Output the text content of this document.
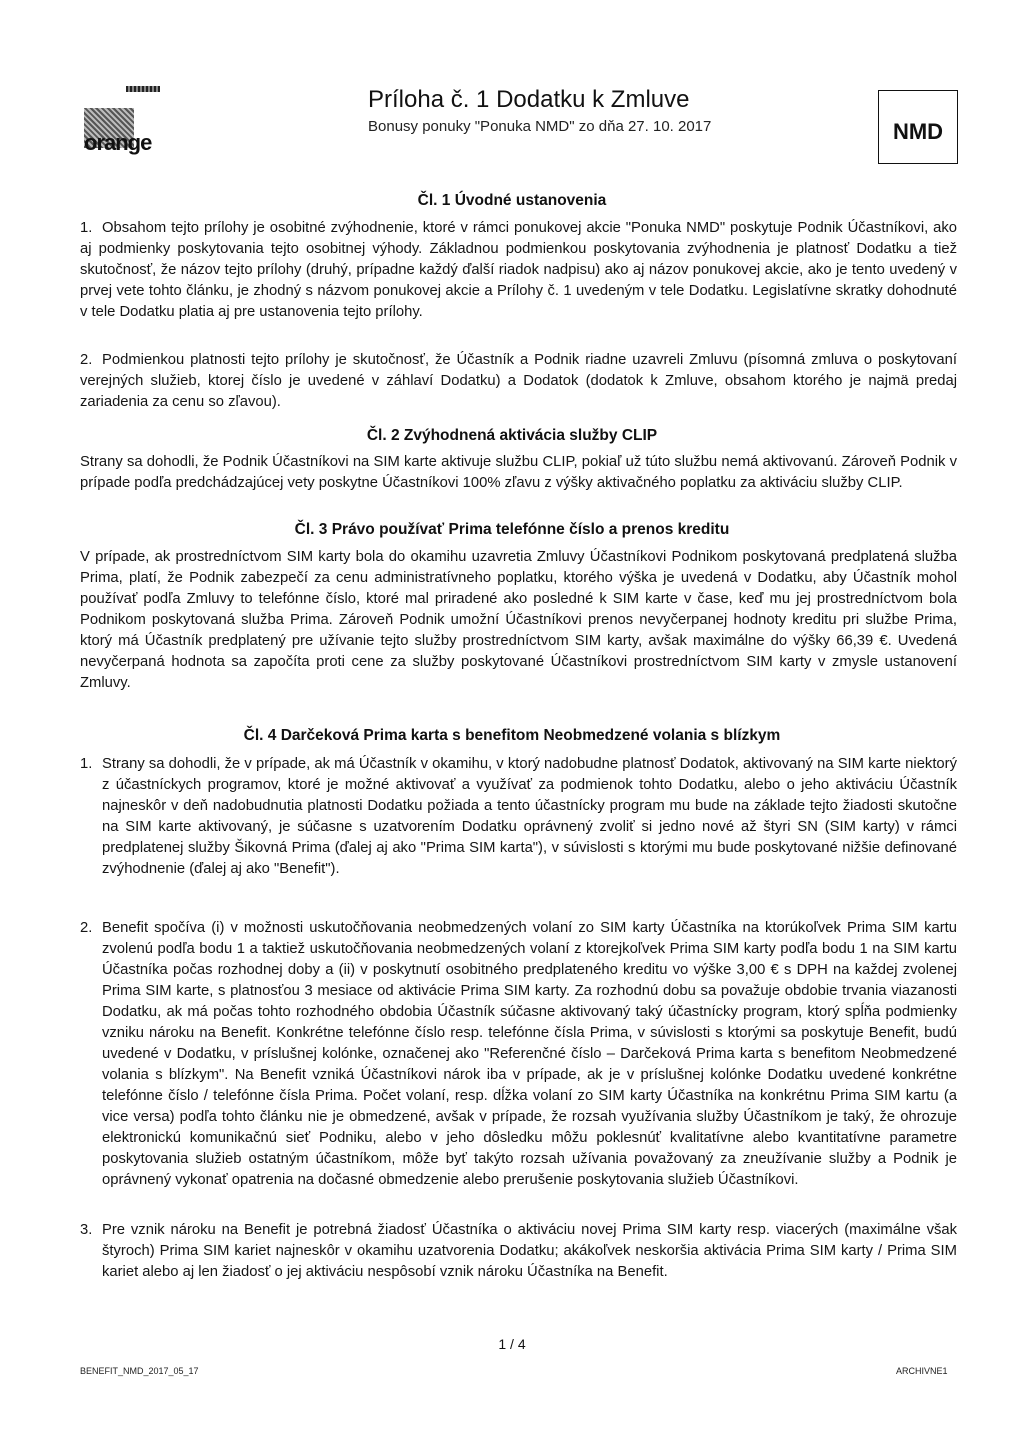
orange
Príloha č. 1 Dodatku k Zmluve
Bonusy ponuky "Ponuka NMD" zo dňa 27. 10. 2017	NMD
Čl. 1 Úvodné ustanovenia
1. Obsahom tejto prílohy je osobitné zvýhodnenie, ktoré v rámci ponukovej akcie "Ponuka NMD" poskytuje Podnik Účastníkovi, ako aj podmienky poskytovania tejto osobitnej výhody. Základnou podmienkou poskytovania zvýhodnenia je platnosť Dodatku a tiež skutočnosť, že názov tejto prílohy (druhý, prípadne každý ďalší riadok nadpisu) ako aj názov ponukovej akcie, ako je tento uvedený v prvej vete tohto článku, je zhodný s názvom ponukovej akcie a Prílohy č. 1 uvedeným v tele Dodatku. Legislatívne skratky dohodnuté v tele Dodatku platia aj pre ustanovenia tejto prílohy.
2. Podmienkou platnosti tejto prílohy je skutočnosť, že Účastník a Podnik riadne uzavreli Zmluvu (písomná zmluva o poskytovaní verejných služieb, ktorej číslo je uvedené v záhlaví Dodatku) a Dodatok (dodatok k Zmluve, obsahom ktorého je najmä predaj zariadenia za cenu so zľavou).
Čl. 2 Zvýhodnená aktivácia služby CLIP
Strany sa dohodli, že Podnik Účastníkovi na SIM karte aktivuje službu CLIP, pokiaľ už túto službu nemá aktivovanú. Zároveň Podnik v prípade podľa predchádzajúcej vety poskytne Účastníkovi 100% zľavu z výšky aktivačného poplatku za aktiváciu služby CLIP.
Čl. 3 Právo používať Prima telefónne číslo a prenos kreditu
V prípade, ak prostredníctvom SIM karty bola do okamihu uzavretia Zmluvy Účastníkovi Podnikom poskytovaná predplatená služba Prima, platí, že Podnik zabezpečí za cenu administratívneho poplatku, ktorého výška je uvedená v Dodatku, aby Účastník mohol používať podľa Zmluvy to telefónne číslo, ktoré mal priradené ako posledné k SIM karte v čase, keď mu jej prostredníctvom bola Podnikom poskytovaná služba Prima. Zároveň Podnik umožní Účastníkovi prenos nevyčerpanej hodnoty kreditu pri službe Prima, ktorý má Účastník predplatený pre užívanie tejto služby prostredníctvom SIM karty, avšak maximálne do výšky 66,39 €. Uvedená nevyčerpaná hodnota sa započíta proti cene za služby poskytované Účastníkovi prostredníctvom SIM karty v zmysle ustanovení Zmluvy.
Čl. 4 Darčeková Prima karta s benefitom Neobmedzené volania s blízkym
1. Strany sa dohodli, že v prípade, ak má Účastník v okamihu, v ktorý nadobudne platnosť Dodatok, aktivovaný na SIM karte niektorý z účastníckych programov, ktoré je možné aktivovať a využívať za podmienok tohto Dodatku, alebo o jeho aktiváciu Účastník najneskôr v deň nadobudnutia platnosti Dodatku požiada a tento účastnícky program mu bude na základe tejto žiadosti skutočne na SIM karte aktivovaný, je súčasne s uzatvorením Dodatku oprávnený zvoliť si jedno nové až štyri SN (SIM karty) v rámci predplatenej služby Šikovná Prima (ďalej aj ako "Prima SIM karta"), v súvislosti s ktorými mu bude poskytované nižšie definované zvýhodnenie (ďalej aj ako "Benefit").
2. Benefit spočíva (i) v možnosti uskutočňovania neobmedzených volaní zo SIM karty Účastníka na ktorúkoľvek Prima SIM kartu zvolenú podľa bodu 1 a taktiež uskutočňovania neobmedzených volaní z ktorejkoľvek Prima SIM karty podľa bodu 1 na SIM kartu Účastníka počas rozhodnej doby a (ii) v poskytnutí osobitného predplateného kreditu vo výške 3,00 € s DPH na každej zvolenej Prima SIM karte, s platnosťou 3 mesiace od aktivácie Prima SIM karty. Za rozhodnú dobu sa považuje obdobie trvania viazanosti Dodatku, ak má počas tohto rozhodného obdobia Účastník súčasne aktivovaný taký účastnícky program, ktorý spĺňa podmienky vzniku nároku na Benefit. Konkrétne telefónne číslo resp. telefónne čísla Prima, v súvislosti s ktorými sa poskytuje Benefit, budú uvedené v Dodatku, v príslušnej kolónke, označenej ako "Referenčné číslo – Darčeková Prima karta s benefitom Neobmedzené volania s blízkym". Na Benefit vzniká Účastníkovi nárok iba v prípade, ak je v príslušnej kolónke Dodatku uvedené konkrétne telefónne číslo / telefónne čísla Prima. Počet volaní, resp. dĺžka volaní zo SIM karty Účastníka na konkrétnu Prima SIM kartu (a vice versa) podľa tohto článku nie je obmedzené, avšak v prípade, že rozsah využívania služby Účastníkom je taký, že ohrozuje elektronickú komunikačnú sieť Podniku, alebo v jeho dôsledku môžu poklesnúť kvalitatívne alebo kvantitatívne parametre poskytovania služieb ostatným účastníkom, môže byť takýto rozsah užívania považovaný za zneužívanie služby a Podnik je oprávnený vykonať opatrenia na dočasné obmedzenie alebo prerušenie poskytovania služieb Účastníkovi.
3. Pre vznik nároku na Benefit je potrebná žiadosť Účastníka o aktiváciu novej Prima SIM karty resp. viacerých (maximálne však štyroch) Prima SIM kariet najneskôr v okamihu uzatvorenia Dodatku; akákoľvek neskoršia aktivácia Prima SIM karty / Prima SIM kariet alebo aj len žiadosť o jej aktiváciu nespôsobí vznik nároku Účastníka na Benefit.
1 / 4
BENEFIT_NMD_2017_05_17	ARCHIVNE1
